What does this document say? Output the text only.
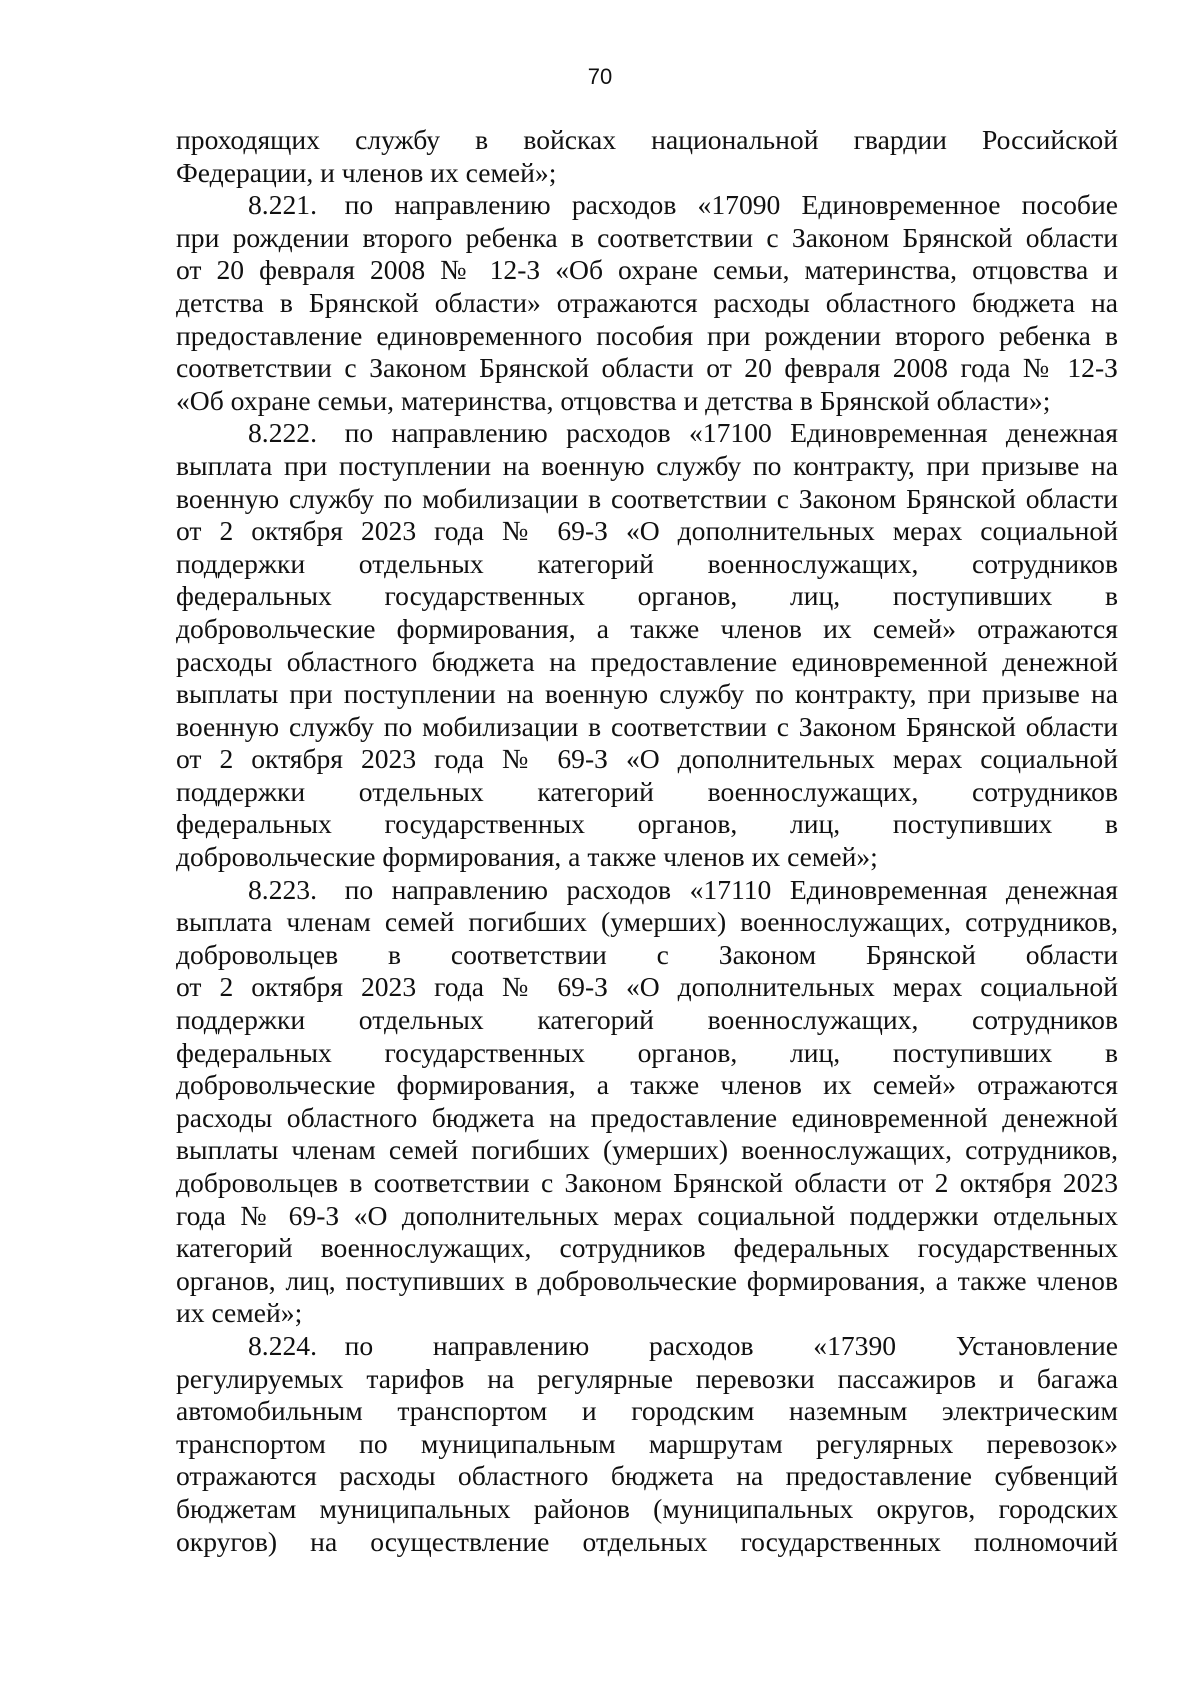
70
проходящих службу в войсках национальной гвардии Российской
Федерации, и членов их семей»;
8.221. по направлению расходов «17090 Единовременное пособие
при рождении второго ребенка в соответствии с Законом Брянской области
от 20 февраля 2008 № 12-З «Об охране семьи, материнства, отцовства и
детства в Брянской области» отражаются расходы областного бюджета на
предоставление единовременного пособия при рождении второго ребенка в
соответствии с Законом Брянской области от 20 февраля 2008 года № 12-З
«Об охране семьи, материнства, отцовства и детства в Брянской области»;
8.222. по направлению расходов «17100 Единовременная денежная
выплата при поступлении на военную службу по контракту, при призыве на
военную службу по мобилизации в соответствии с Законом Брянской области
от 2 октября 2023 года № 69-З «О дополнительных мерах социальной
поддержки отдельных категорий военнослужащих, сотрудников
федеральных государственных органов, лиц, поступивших в
добровольческие формирования, а также членов их семей» отражаются
расходы областного бюджета на предоставление единовременной денежной
выплаты при поступлении на военную службу по контракту, при призыве на
военную службу по мобилизации в соответствии с Законом Брянской области
от 2 октября 2023 года № 69-З «О дополнительных мерах социальной
поддержки отдельных категорий военнослужащих, сотрудников
федеральных государственных органов, лиц, поступивших в
добровольческие формирования, а также членов их семей»;
8.223. по направлению расходов «17110 Единовременная денежная
выплата членам семей погибших (умерших) военнослужащих, сотрудников,
добровольцев в соответствии с Законом Брянской области
от 2 октября 2023 года № 69-З «О дополнительных мерах социальной
поддержки отдельных категорий военнослужащих, сотрудников
федеральных государственных органов, лиц, поступивших в
добровольческие формирования, а также членов их семей» отражаются
расходы областного бюджета на предоставление единовременной денежной
выплаты членам семей погибших (умерших) военнослужащих, сотрудников,
добровольцев в соответствии с Законом Брянской области от 2 октября 2023
года № 69-З «О дополнительных мерах социальной поддержки отдельных
категорий военнослужащих, сотрудников федеральных государственных
органов, лиц, поступивших в добровольческие формирования, а также членов
их семей»;
8.224. по направлению расходов «17390 Установление
регулируемых тарифов на регулярные перевозки пассажиров и багажа
автомобильным транспортом и городским наземным электрическим
транспортом по муниципальным маршрутам регулярных перевозок»
отражаются расходы областного бюджета на предоставление субвенций
бюджетам муниципальных районов (муниципальных округов, городских
округов) на осуществление отдельных государственных полномочий
